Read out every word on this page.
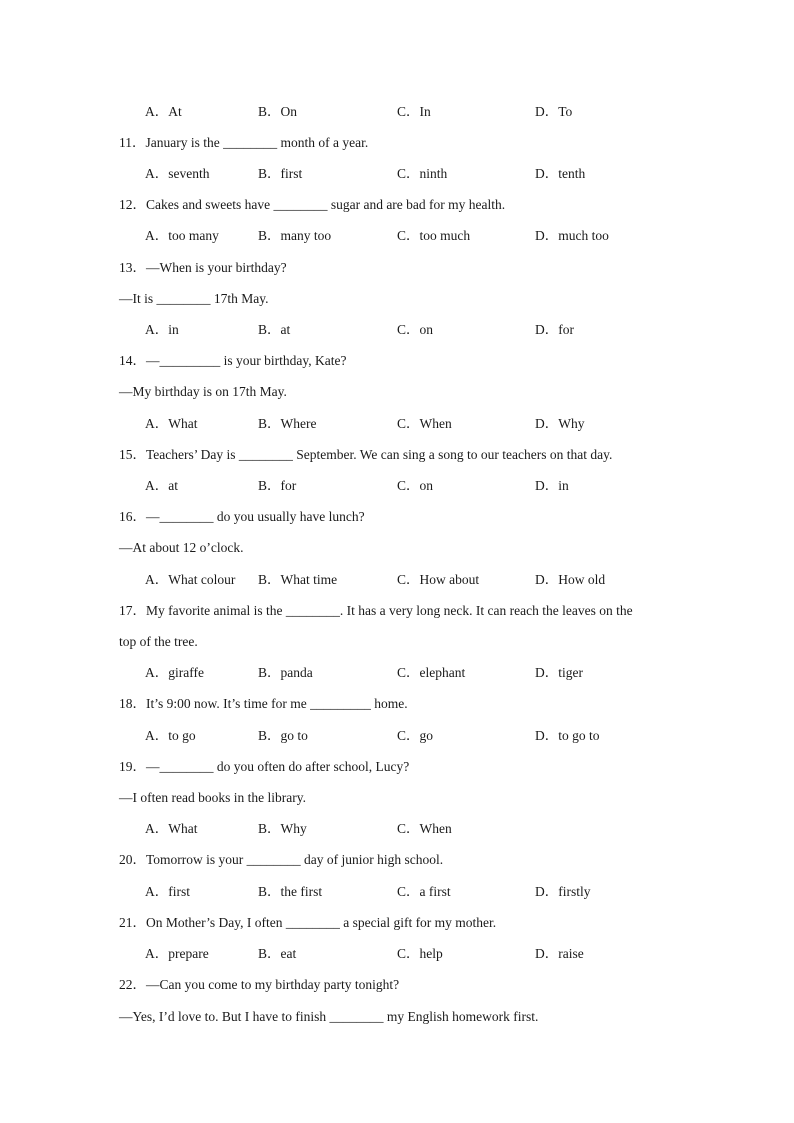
A．At	B．On	C．In	D．To
11．January is the ________ month of a year.
A．seventh	B．first	C．ninth	D．tenth
12．Cakes and sweets have ________ sugar and are bad for my health.
A．too many	B．many too	C．too much	D．much too
13．—When is your birthday?
—It is ________ 17th May.
A．in	B．at	C．on	D．for
14．—_________ is your birthday, Kate?
—My birthday is on 17th May.
A．What	B．Where	C．When	D．Why
15．Teachers’ Day is ________ September. We can sing a song to our teachers on that day.
A．at	B．for	C．on	D．in
16．—________ do you usually have lunch?
—At about 12 o’clock.
A．What colour B．What time	C．How about	D．How old
17．My favorite animal is the ________. It has a very long neck. It can reach the leaves on the
top of the tree.
A．giraffe	B．panda	C．elephant	D．tiger
18．It’s 9:00 now. It’s time for me _________ home.
A．to go	B．go to	C．go	D．to go to
19．—________ do you often do after school, Lucy?
—I often read books in the library.
A．What	B．Why	C．When
20．Tomorrow is your ________ day of junior high school.
A．first	B．the first	C．a first	D．firstly
21．On Mother’s Day, I often ________ a special gift for my mother.
A．prepare	B．eat	C．help	D．raise
22．—Can you come to my birthday party tonight?
—Yes, I’d love to. But I have to finish ________ my English homework first.
